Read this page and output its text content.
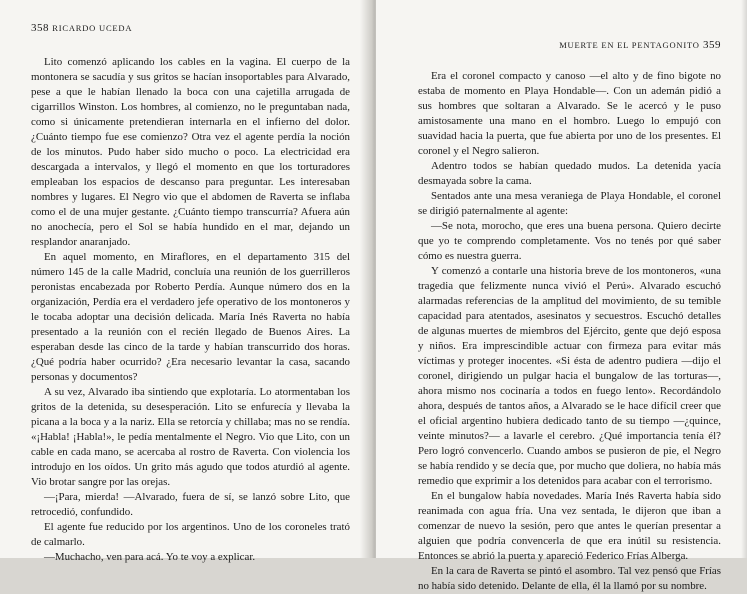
358 RICARDO UCEDA

Lito comenzó aplicando los cables en la vagina. El cuerpo de la montonera se sacudía y sus gritos se hacían insoportables para Alvarado, pese a que le habían llenado la boca con una cajetilla arrugada de cigarrillos Winston. Los hombres, al comienzo, no le preguntaban nada, como si únicamente pretendieran internarla en el infierno del dolor. ¿Cuánto tiempo fue ese comienzo? Otra vez el agente perdía la noción de los minutos. Pudo haber sido mucho o poco. La electricidad era descargada a intervalos, y llegó el momento en que los torturadores empleaban los espacios de descanso para preguntar. Les interesaban nombres y lugares. El Negro vio que el abdomen de Raverta se inflaba como el de una mujer gestante. ¿Cuánto tiempo transcurría? Afuera aún no anochecía, pero el Sol se había hundido en el mar, dejando un resplandor anaranjado.

En aquel momento, en Miraflores, en el departamento 315 del número 145 de la calle Madrid, concluía una reunión de los guerrilleros peronistas encabezada por Roberto Perdía. Aunque número dos en la organización, Perdía era el verdadero jefe operativo de los montoneros y le tocaba adoptar una decisión delicada. María Inés Raverta no había presentado a la reunión con el recién llegado de Buenos Aires. La esperaban desde las cinco de la tarde y habían transcurrido dos horas. ¿Qué podría haber ocurrido? ¿Era necesario levantar la casa, sacando personas y documentos?

A su vez, Alvarado iba sintiendo que explotaría. Lo atormentaban los gritos de la detenida, su desesperación. Lito se enfurecía y llevaba la picana a la boca y a la nariz. Ella se retorcía y chillaba; mas no se rendía. «¡Habla! ¡Habla!», le pedía mentalmente el Negro. Vio que Lito, con un cable en cada mano, se acercaba al rostro de Raverta. Con violencia los introdujo en los oídos. Un grito más agudo que todos aturdió al agente. Vio brotar sangre por las orejas.

—¡Para, mierda! —Alvarado, fuera de sí, se lanzó sobre Lito, que retrocedió, confundido.

El agente fue reducido por los argentinos. Uno de los coroneles trató de calmarlo.

—Muchacho, ven para acá. Yo te voy a explicar.

MUERTE EN EL PENTAGONITO 359

Era el coronel compacto y canoso —el alto y de fino bigote no estaba de momento en Playa Hondable—. Con un ademán pidió a sus hombres que soltaran a Alvarado. Se le acercó y le puso amistosamente una mano en el hombro. Luego lo empujó con suavidad hacia la puerta, que fue abierta por uno de los presentes. El coronel y el Negro salieron.

Adentro todos se habían quedado mudos. La detenida yacía desmayada sobre la cama.

Sentados ante una mesa veraniega de Playa Hondable, el coronel se dirigió paternalmente al agente:

—Se nota, morocho, que eres una buena persona. Quiero decirte que yo te comprendo completamente. Vos no tenés por qué saber cómo es nuestra guerra.

Y comenzó a contarle una historia breve de los montoneros, «una tragedia que felizmente nunca vivió el Perú». Alvarado escuchó alarmadas referencias de la amplitud del movimiento, de su temible capacidad para atentados, asesinatos y secuestros. Escuchó detalles de algunas muertes de miembros del Ejército, gente que dejó esposa y niños. Era imprescindible actuar con firmeza para evitar más víctimas y proteger inocentes. «Si ésta de adentro pudiera —dijo el coronel, dirigiendo un pulgar hacia el bungalow de las torturas—, ahora mismo nos cocinaría a todos en fuego lento». Recordándolo ahora, después de tantos años, a Alvarado se le hace difícil creer que el oficial argentino hubiera dedicado tanto de su tiempo —¿quince, veinte minutos?— a lavarle el cerebro. ¿Qué importancia tenía él? Pero logró convencerlo. Cuando ambos se pusieron de pie, el Negro se había rendido y se decía que, por mucho que doliera, no había más remedio que exprimir a los detenidos para acabar con el terrorismo.

En el bungalow había novedades. María Inés Raverta había sido reanimada con agua fría. Una vez sentada, le dijeron que iban a comenzar de nuevo la sesión, pero que antes le querían presentar a alguien que podría convencerla de que era inútil su resistencia. Entonces se abrió la puerta y apareció Federico Frías Alberga.

En la cara de Raverta se pintó el asombro. Tal vez pensó que Frías no había sido detenido. Delante de ella, él la llamó por su nombre.
